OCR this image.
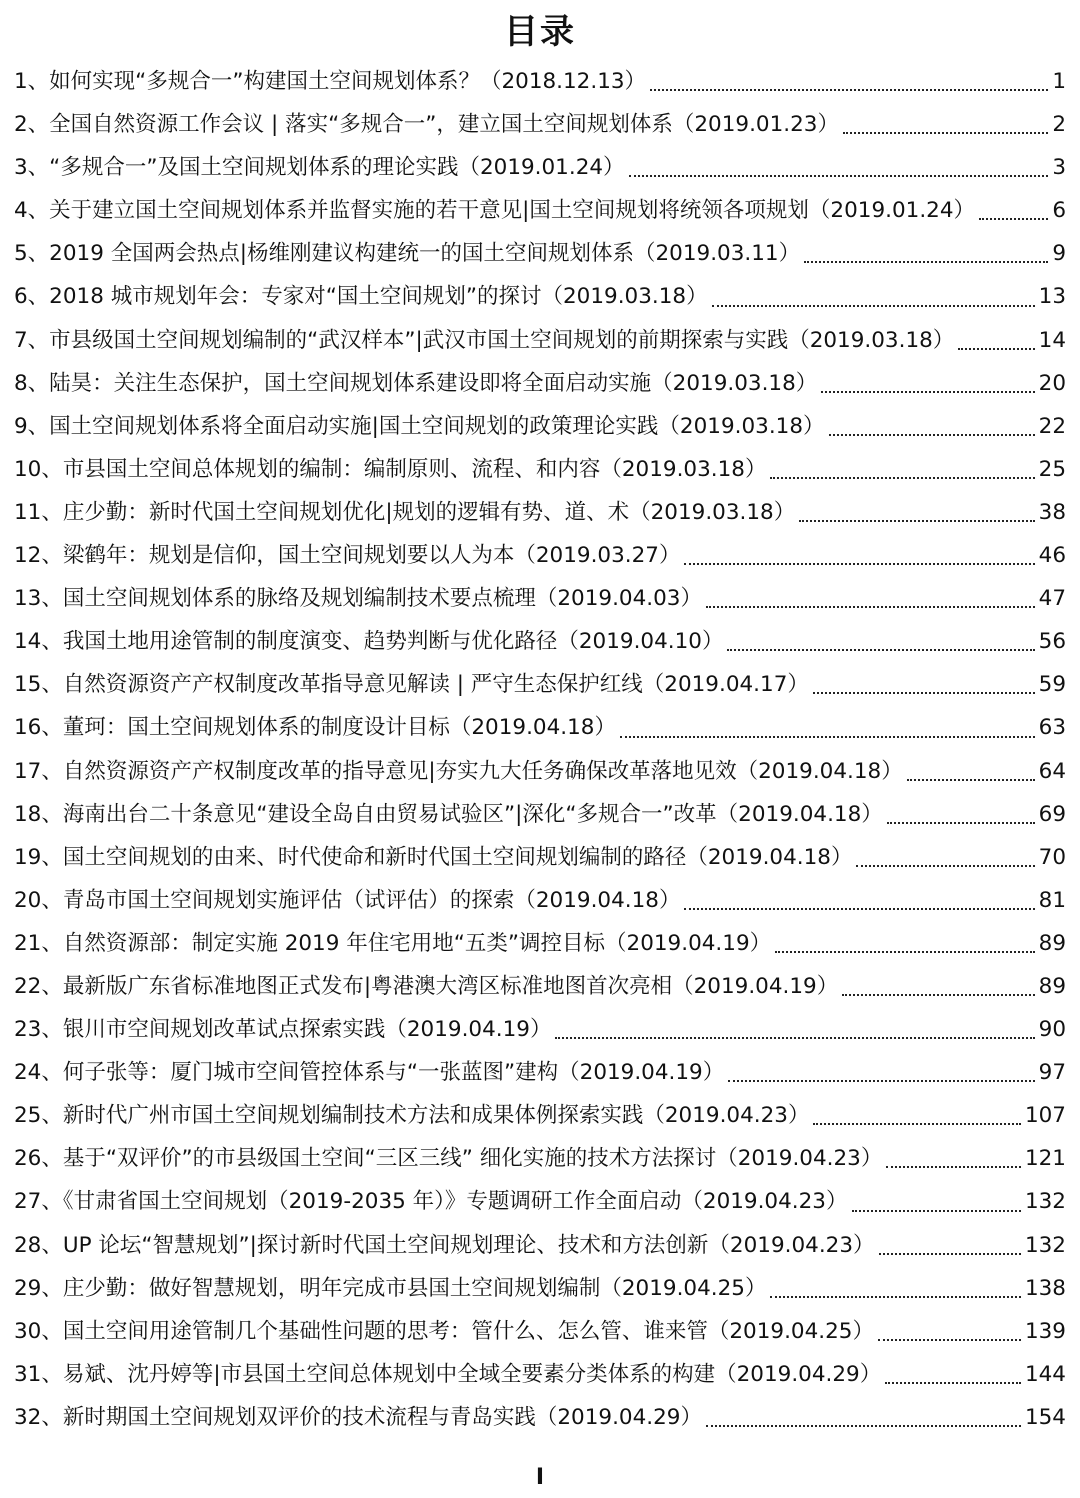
目录
1、如何实现“多规合一”构建国土空间规划体系？（2018.12.13）	1
2、全国自然资源工作会议 | 落实“多规合一”，建立国土空间规划体系（2019.01.23）	2
3、“多规合一”及国土空间规划体系的理论实践（2019.01.24）	3
4、关于建立国土空间规划体系并监督实施的若干意见|国土空间规划将统领各项规划（2019.01.24）	6
5、2019 全国两会热点|杨维刚建议构建统一的国土空间规划体系（2019.03.11）	9
6、2018 城市规划年会：专家对“国土空间规划”的探讨（2019.03.18）	13
7、市县级国土空间规划编制的“武汉样本”|武汉市国土空间规划的前期探索与实践（2019.03.18）	14
8、陆昊：关注生态保护，国土空间规划体系建设即将全面启动实施（2019.03.18）	20
9、国土空间规划体系将全面启动实施|国土空间规划的政策理论实践（2019.03.18）	22
10、市县国土空间总体规划的编制：编制原则、流程、和内容（2019.03.18）	25
11、庄少勤：新时代国土空间规划优化|规划的逻辑有势、道、术（2019.03.18）	38
12、梁鹤年：规划是信仰，国土空间规划要以人为本（2019.03.27）	46
13、国土空间规划体系的脉络及规划编制技术要点梳理（2019.04.03）	47
14、我国土地用途管制的制度演变、趋势判断与优化路径（2019.04.10）	56
15、自然资源资产产权制度改革指导意见解读 | 严守生态保护红线（2019.04.17）	59
16、董珂：国土空间规划体系的制度设计目标（2019.04.18）	63
17、自然资源资产产权制度改革的指导意见|夯实九大任务确保改革落地见效（2019.04.18）	64
18、海南出台二十条意见“建设全岛自由贸易试验区”|深化“多规合一”改革（2019.04.18）	69
19、国土空间规划的由来、时代使命和新时代国土空间规划编制的路径（2019.04.18）	70
20、青岛市国土空间规划实施评估（试评估）的探索（2019.04.18）	81
21、自然资源部：制定实施 2019 年住宅用地“五类”调控目标（2019.04.19）	89
22、最新版广东省标准地图正式发布|粤港澳大湾区标准地图首次亮相（2019.04.19）	89
23、银川市空间规划改革试点探索实践（2019.04.19）	90
24、何子张等：厦门城市空间管控体系与“一张蓝图”建构（2019.04.19）	97
25、新时代广州市国土空间规划编制技术方法和成果体例探索实践（2019.04.23）	107
26、基于“双评价”的市县级国土空间“三区三线” 细化实施的技术方法探讨（2019.04.23）	121
27、《甘肃省国土空间规划（2019-2035 年）》专题调研工作全面启动（2019.04.23）	132
28、UP 论坛“智慧规划”|探讨新时代国土空间规划理论、技术和方法创新（2019.04.23）	132
29、庄少勤：做好智慧规划，明年完成市县国土空间规划编制（2019.04.25）	138
30、国土空间用途管制几个基础性问题的思考：管什么、怎么管、谁来管（2019.04.25）	139
31、易斌、沈丹婷等|市县国土空间总体规划中全域全要素分类体系的构建（2019.04.29）	144
32、新时期国土空间规划双评价的技术流程与青岛实践（2019.04.29）	154
I
